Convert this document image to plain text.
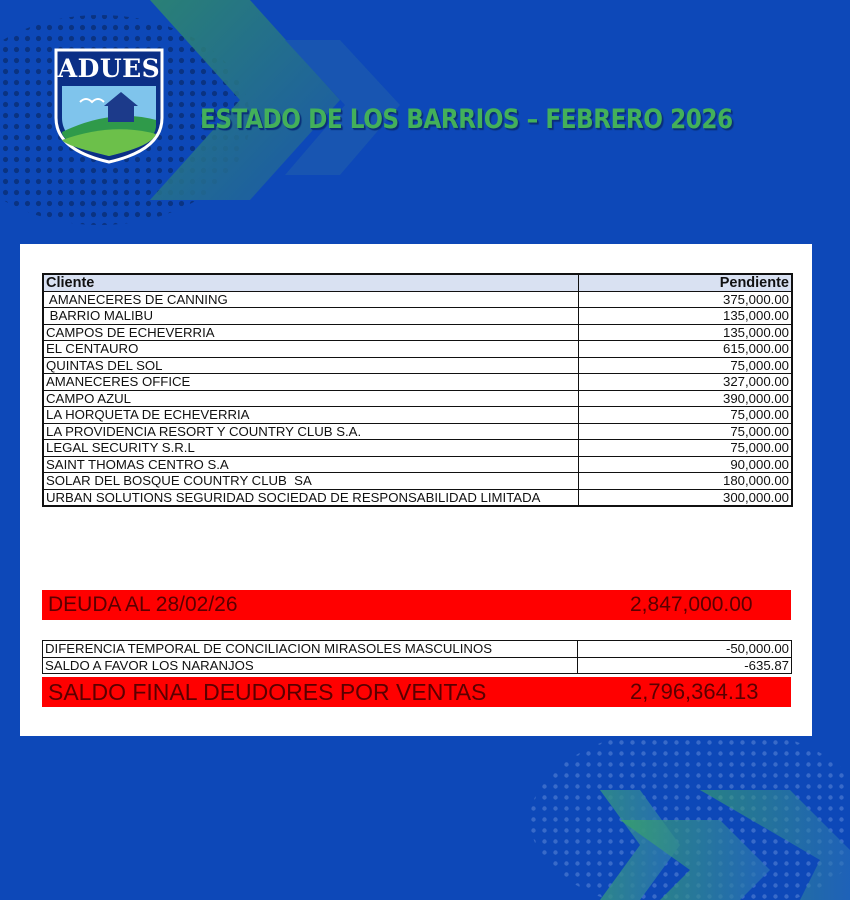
ADUES
ESTADO DE LOS BARRIOS – FEBRERO 2026
Cliente	Pendiente
AMANECERES DE CANNING	375,000.00
BARRIO MALIBU	135,000.00
CAMPOS DE ECHEVERRIA	135,000.00
EL CENTAURO	615,000.00
QUINTAS DEL SOL	75,000.00
AMANECERES OFFICE	327,000.00
CAMPO AZUL	390,000.00
LA HORQUETA DE ECHEVERRIA	75,000.00
LA PROVIDENCIA RESORT Y COUNTRY CLUB S.A.	75,000.00
LEGAL SECURITY S.R.L	75,000.00
SAINT THOMAS CENTRO S.A	90,000.00
SOLAR DEL BOSQUE COUNTRY CLUB  SA	180,000.00
URBAN SOLUTIONS SEGURIDAD SOCIEDAD DE RESPONSABILIDAD LIMITADA	300,000.00
DEUDA AL 28/02/26	2,847,000.00
DIFERENCIA TEMPORAL DE CONCILIACION MIRASOLES MASCULINOS	-50,000.00
SALDO A FAVOR LOS NARANJOS	-635.87
SALDO FINAL DEUDORES POR VENTAS	2,796,364.13
